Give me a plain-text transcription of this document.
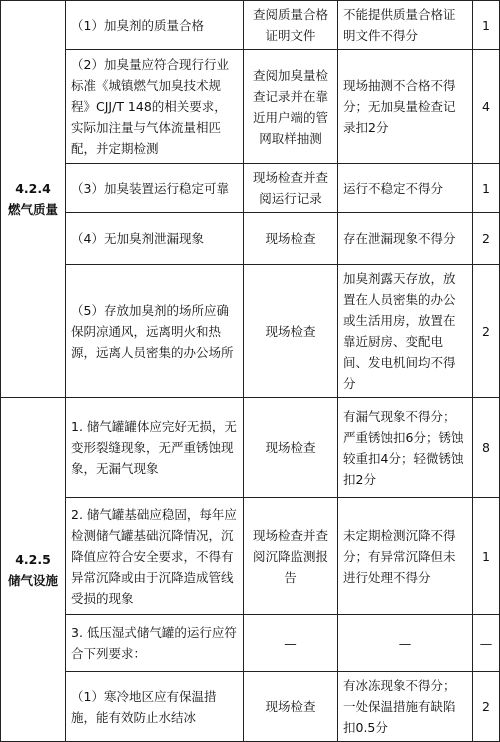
4.2.4
燃气质量	（1）加臭剂的质量合格	查阅质量合格证明文件	不能提供质量合格证明文件不得分	1
	（2）加臭量应符合现行行业标准《城镇燃气加臭技术规程》CJJ/T 148的相关要求，实际加注量与气体流量相匹配，并定期检测	查阅加臭量检查记录并在靠近用户端的管网取样抽测	现场抽测不合格不得分；无加臭量检查记录扣2分	4
	（3）加臭装置运行稳定可靠	现场检查并查阅运行记录	运行不稳定不得分	1
	（4）无加臭剂泄漏现象	现场检查	存在泄漏现象不得分	2
	（5）存放加臭剂的场所应确保阴凉通风，远离明火和热源，远离人员密集的办公场所	现场检查	加臭剂露天存放，放置在人员密集的办公或生活用房，放置在靠近厨房、变配电间、发电机间均不得分	2

4.2.5
储气设施	1. 储气罐罐体应完好无损，无变形裂缝现象，无严重锈蚀现象，无漏气现象	现场检查	有漏气现象不得分；严重锈蚀扣6分；锈蚀较重扣4分；轻微锈蚀扣2分	8
	2. 储气罐基础应稳固，每年应检测储气罐基础沉降情况，沉降值应符合安全要求，不得有异常沉降或由于沉降造成管线受损的现象	现场检查并查阅沉降监测报告	未定期检测沉降不得分；有异常沉降但未进行处理不得分	1
	3. 低压湿式储气罐的运行应符合下列要求：	—	—	—
	（1）寒冷地区应有保温措施，能有效防止水结冰	现场检查	有冰冻现象不得分；一处保温措施有缺陷扣0.5分	2
